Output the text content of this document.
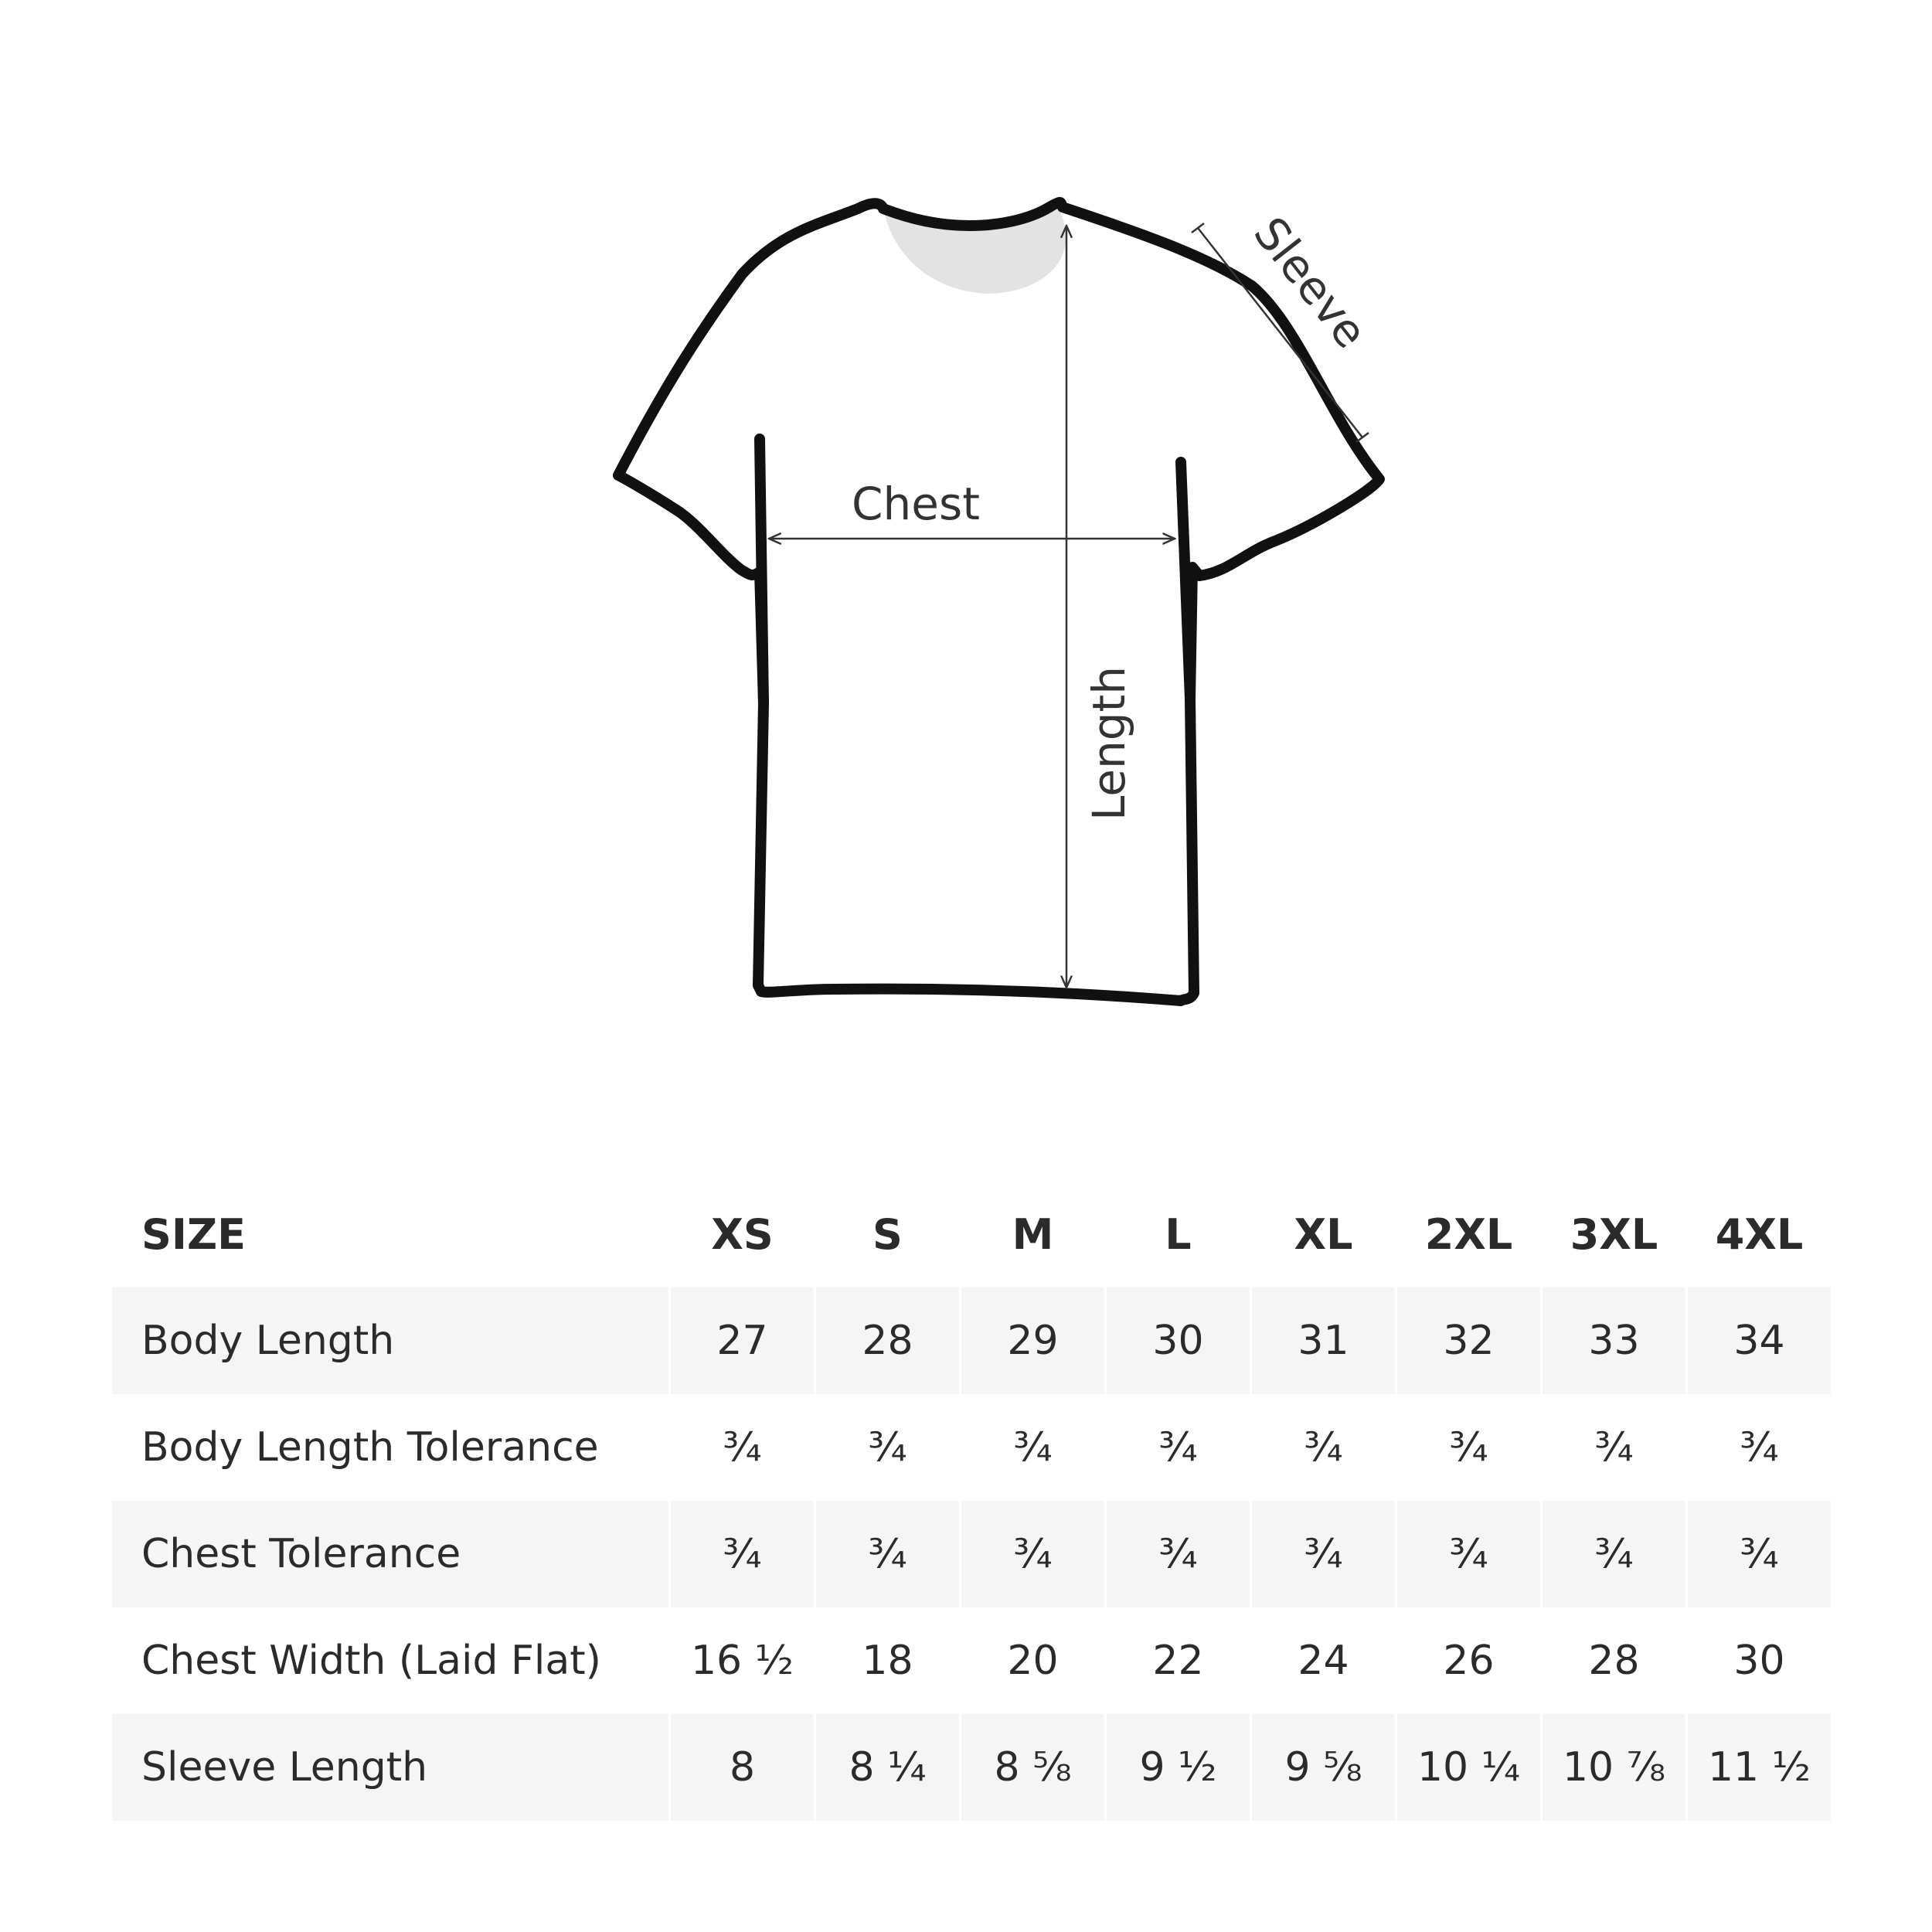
Chest
Length
Sleeve
SIZE	XS	S	M	L	XL	2XL	3XL	4XL
Body Length	27	28	29	30	31	32	33	34
Body Length Tolerance	¾	¾	¾	¾	¾	¾	¾	¾
Chest Tolerance	¾	¾	¾	¾	¾	¾	¾	¾
Chest Width (Laid Flat)	16 ½	18	20	22	24	26	28	30
Sleeve Length	8	8 ¼	8 ⅝	9 ½	9 ⅝	10 ¼	10 ⅞	11 ½
